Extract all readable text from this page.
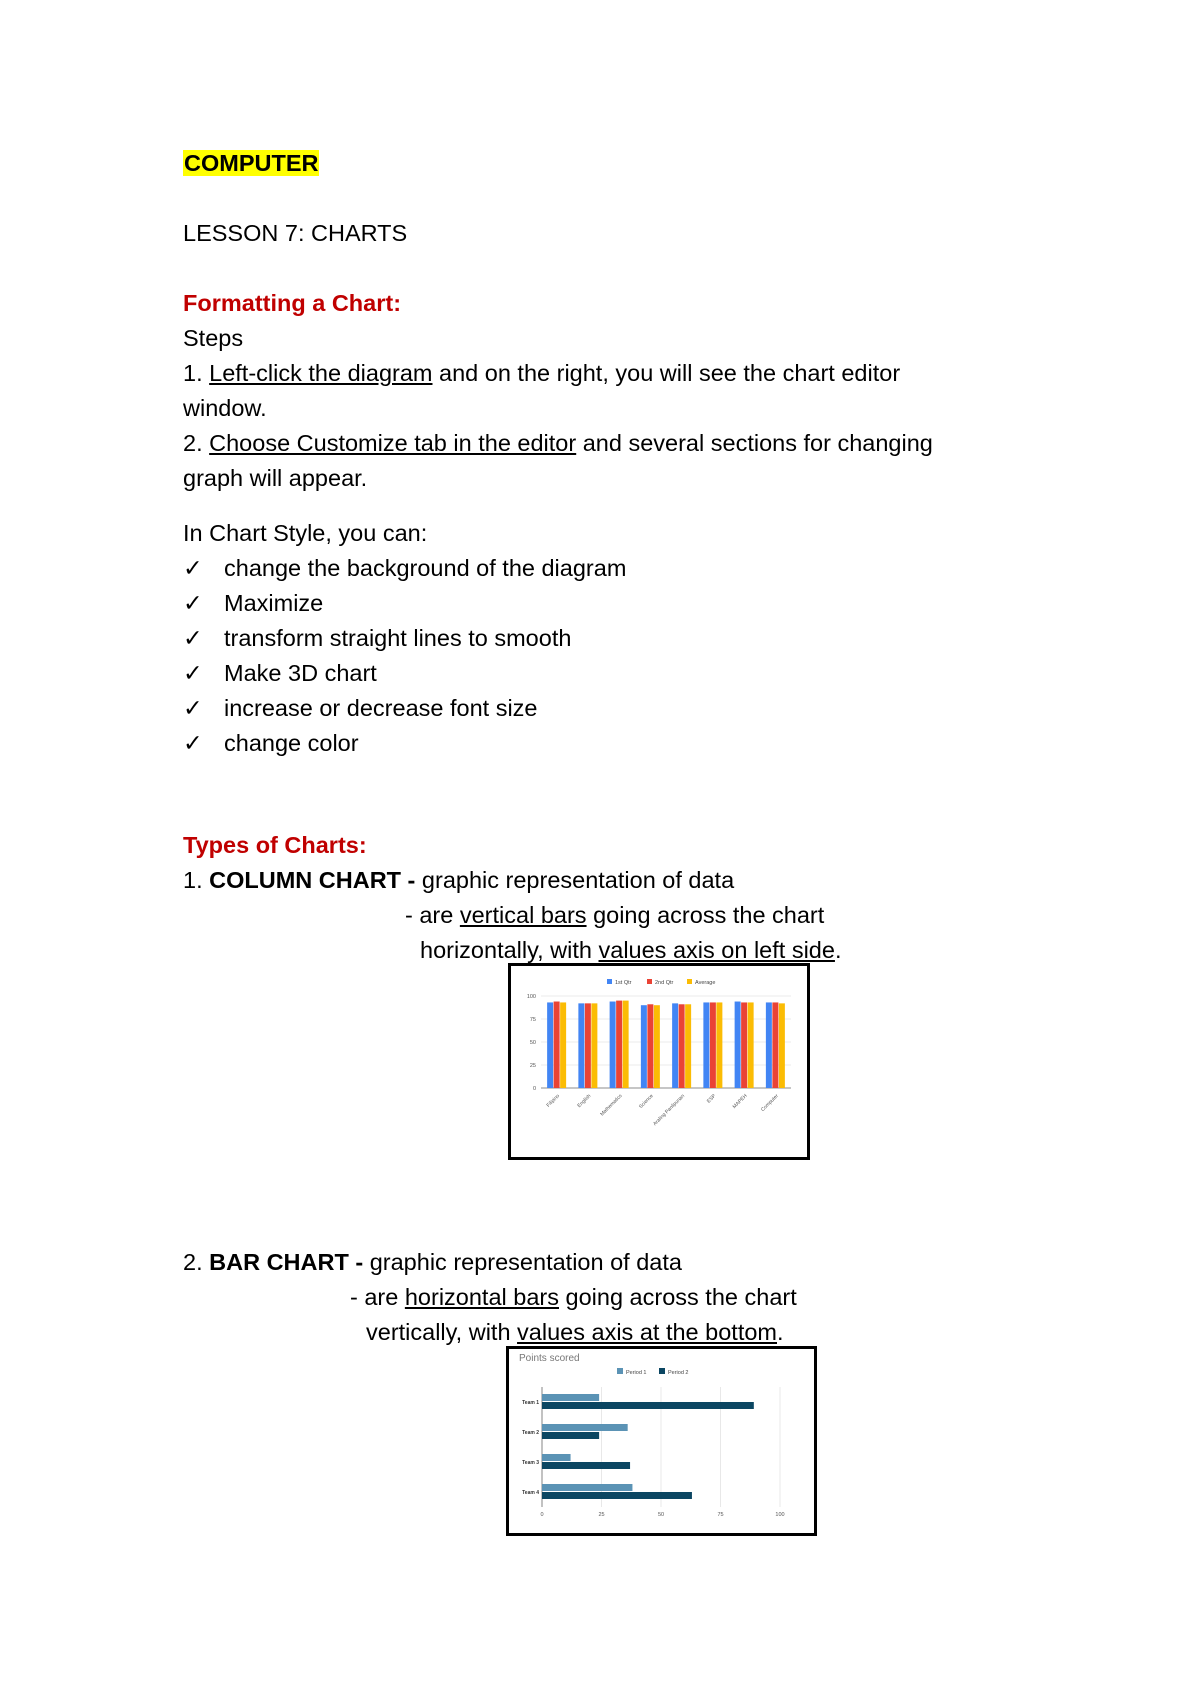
COMPUTER
LESSON 7: CHARTS
Formatting a Chart:
Steps
1. Left-click the diagram and on the right, you will see the chart editor
window.
2. Choose Customize tab in the editor and several sections for changing
graph will appear.
In Chart Style, you can:
✓ change the background of the diagram
✓ Maximize
✓ transform straight lines to smooth
✓ Make 3D chart
✓ increase or decrease font size
✓ change color
Types of Charts:
1. COLUMN CHART - graphic representation of data
- are vertical bars going across the chart
horizontally, with values axis on left side.
1st Qtr	2nd Qtr	Average
0
25
50
75
100
Filipino	English Mathematics	Science
Araling Panlipunan	ESP	MAPEH Computer
2. BAR CHART - graphic representation of data
- are horizontal bars going across the chart
vertically, with values axis at the bottom.
Points scored
Period 1	Period 2
0	25	50	75	100
Team 1
Team 2
Team 3
Team 4
